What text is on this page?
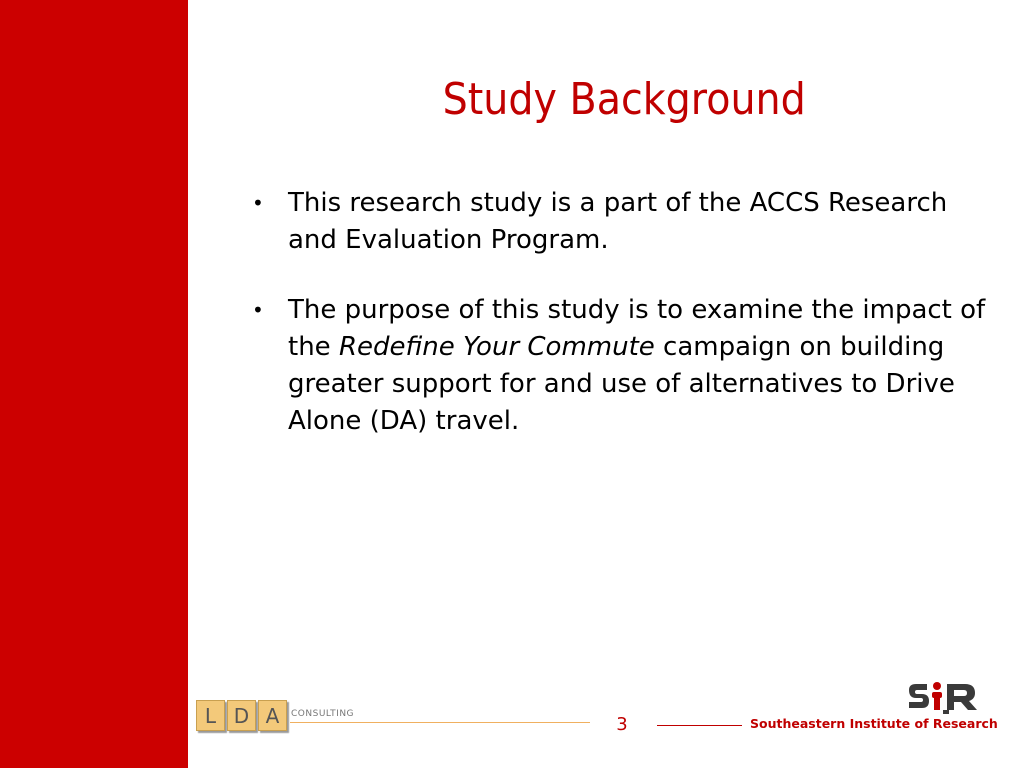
Study Background
• This research study is a part of the ACCS Research and Evaluation Program.
• The purpose of this study is to examine the impact of the Redefine Your Commute campaign on building greater support for and use of alternatives to Drive Alone (DA) travel.
L D A	CONSULTING	3	Southeastern Institute of Research
